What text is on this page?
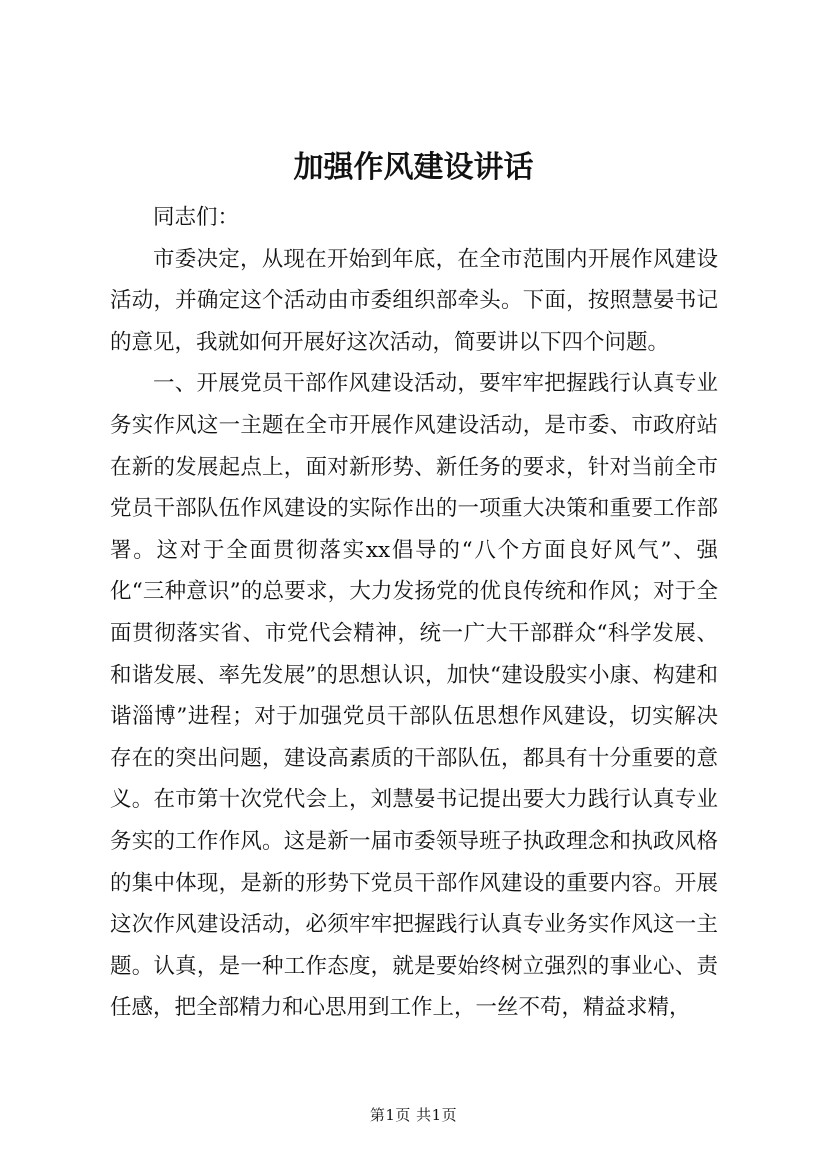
加强作风建设讲话

同志们：

市委决定，从现在开始到年底，在全市范围内开展作风建设活动，并确定这个活动由市委组织部牵头。下面，按照慧晏书记的意见，我就如何开展好这次活动，简要讲以下四个问题。

一、开展党员干部作风建设活动，要牢牢把握践行认真专业务实作风这一主题在全市开展作风建设活动，是市委、市政府站在新的发展起点上，面对新形势、新任务的要求，针对当前全市党员干部队伍作风建设的实际作出的一项重大决策和重要工作部署。这对于全面贯彻落实xx倡导的“八个方面良好风气”、强化“三种意识”的总要求，大力发扬党的优良传统和作风；对于全面贯彻落实省、市党代会精神，统一广大干部群众“科学发展、和谐发展、率先发展”的思想认识，加快“建设殷实小康、构建和谐淄博”进程；对于加强党员干部队伍思想作风建设，切实解决存在的突出问题，建设高素质的干部队伍，都具有十分重要的意义。在市第十次党代会上，刘慧晏书记提出要大力践行认真专业务实的工作作风。这是新一届市委领导班子执政理念和执政风格的集中体现，是新的形势下党员干部作风建设的重要内容。开展这次作风建设活动，必须牢牢把握践行认真专业务实作风这一主题。认真，是一种工作态度，就是要始终树立强烈的事业心、责任感，把全部精力和心思用到工作上，一丝不苟，精益求精，

第1页 共1页
